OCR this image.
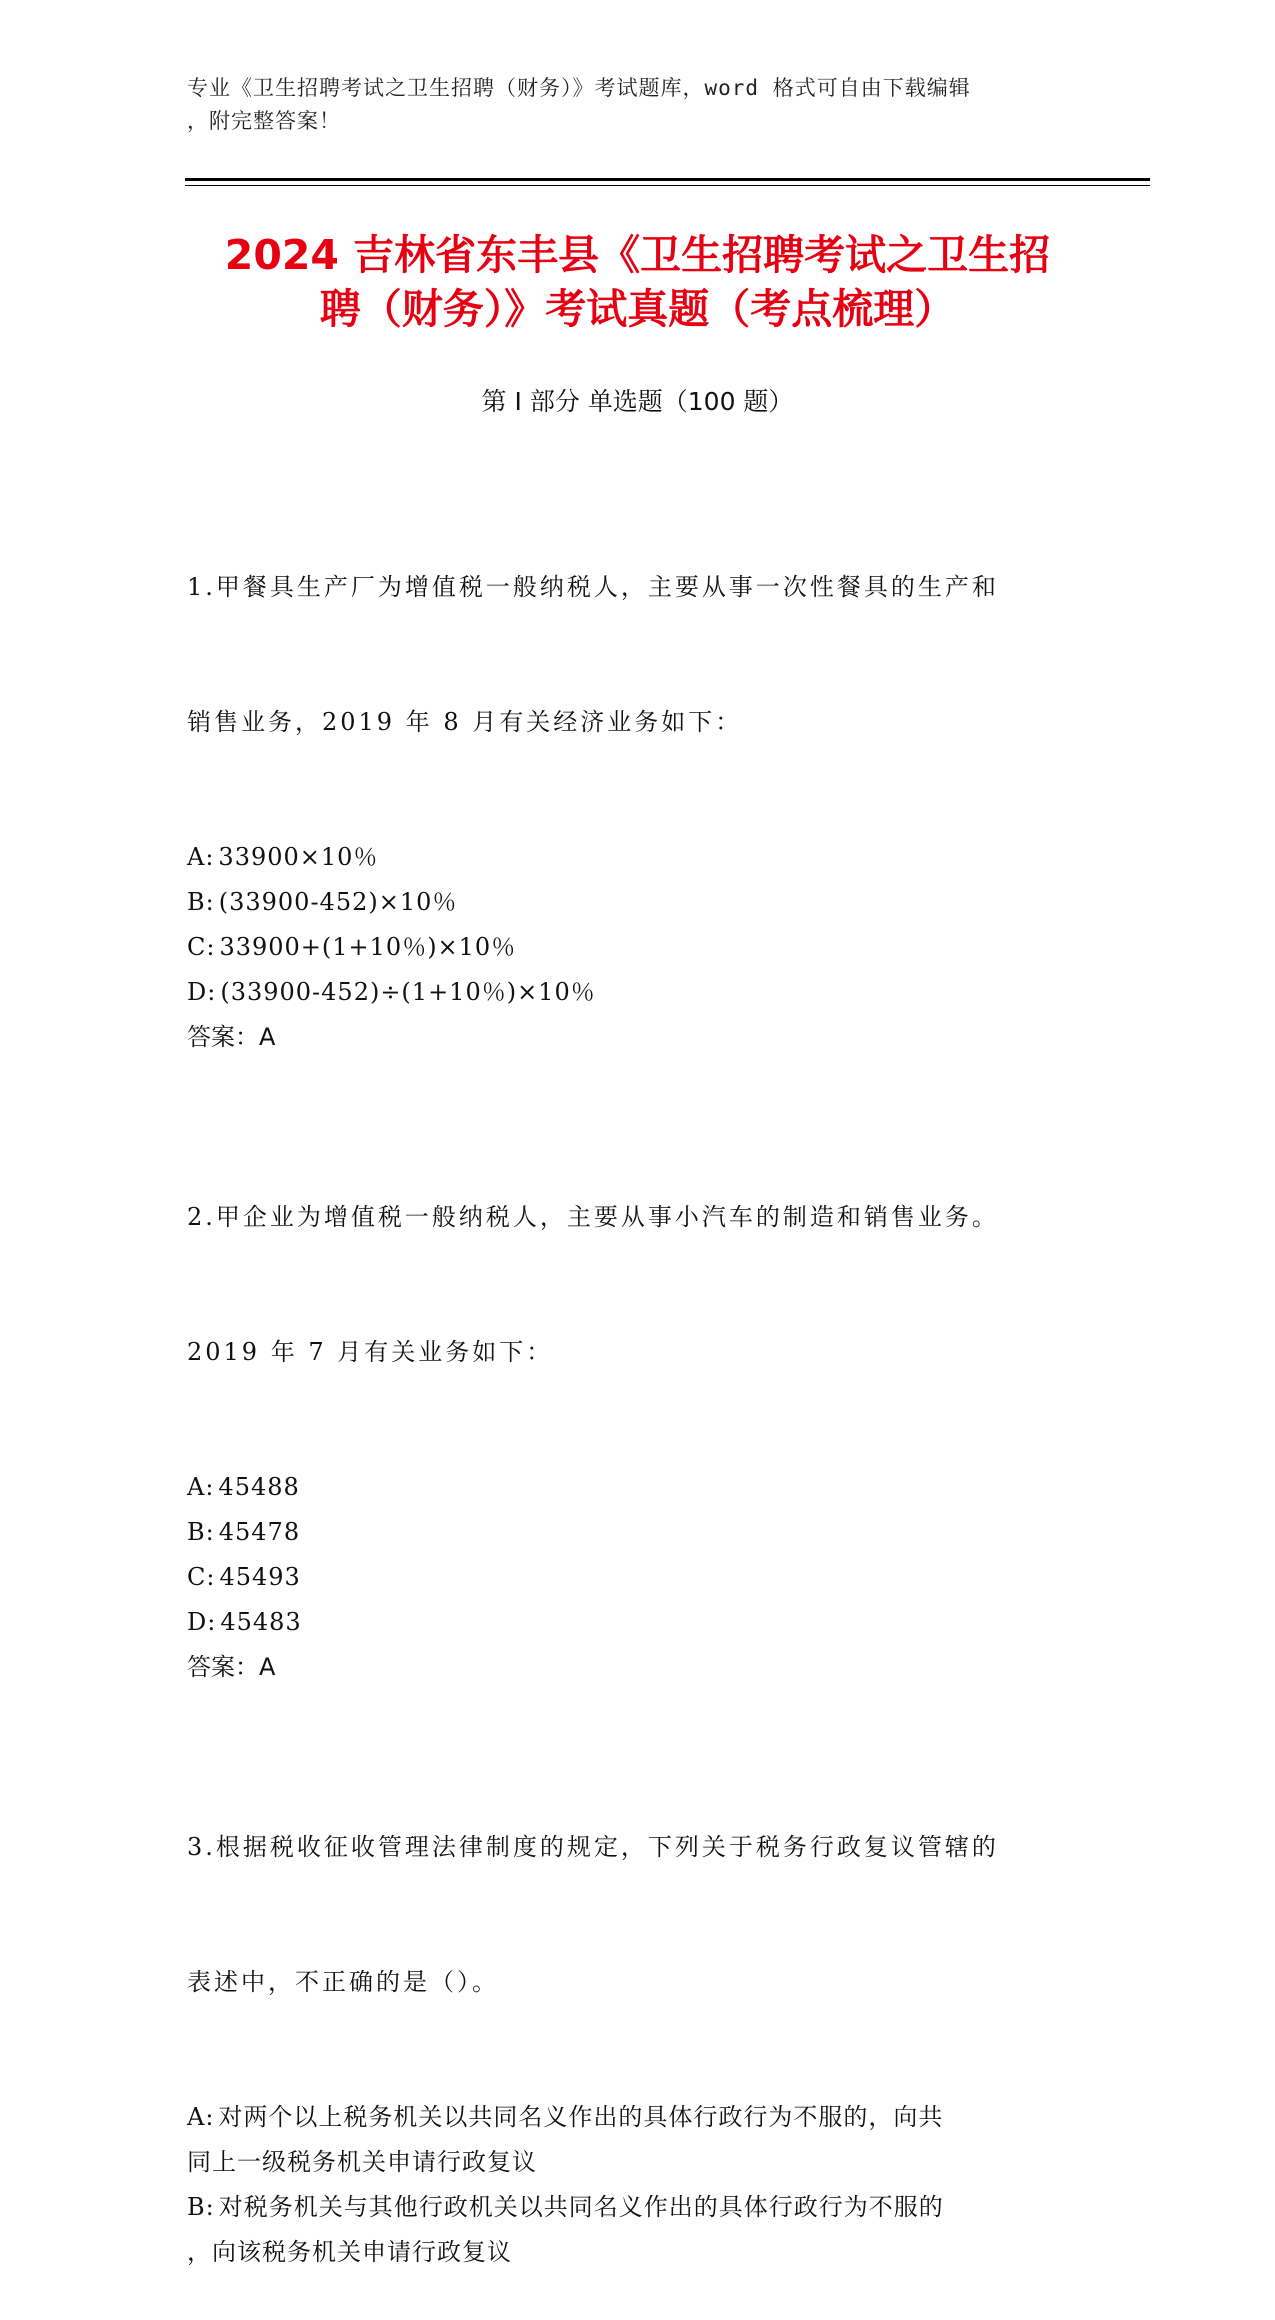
专业《卫生招聘考试之卫生招聘（财务）》考试题库，word 格式可自由下载编辑
，附完整答案！
2024 吉林省东丰县《卫生招聘考试之卫生招
聘（财务）》考试真题（考点梳理）
第 I 部分 单选题（100 题）

1.甲餐具生产厂为增值税一般纳税人，主要从事一次性餐具的生产和

销售业务，2019 年 8 月有关经济业务如下：

A: 33900×10％
B: (33900-452)×10％
C: 33900+(1+10％)×10％
D: (33900-452)÷(1+10％)×10％
答案：A

2.甲企业为增值税一般纳税人，主要从事小汽车的制造和销售业务。

2019 年 7 月有关业务如下：

A: 45488
B: 45478
C: 45493
D: 45483
答案：A

3.根据税收征收管理法律制度的规定，下列关于税务行政复议管辖的

表述中，不正确的是（）。

A: 对两个以上税务机关以共同名义作出的具体行政行为不服的，向共
同上一级税务机关申请行政复议
B: 对税务机关与其他行政机关以共同名义作出的具体行政行为不服的
，向该税务机关申请行政复议
